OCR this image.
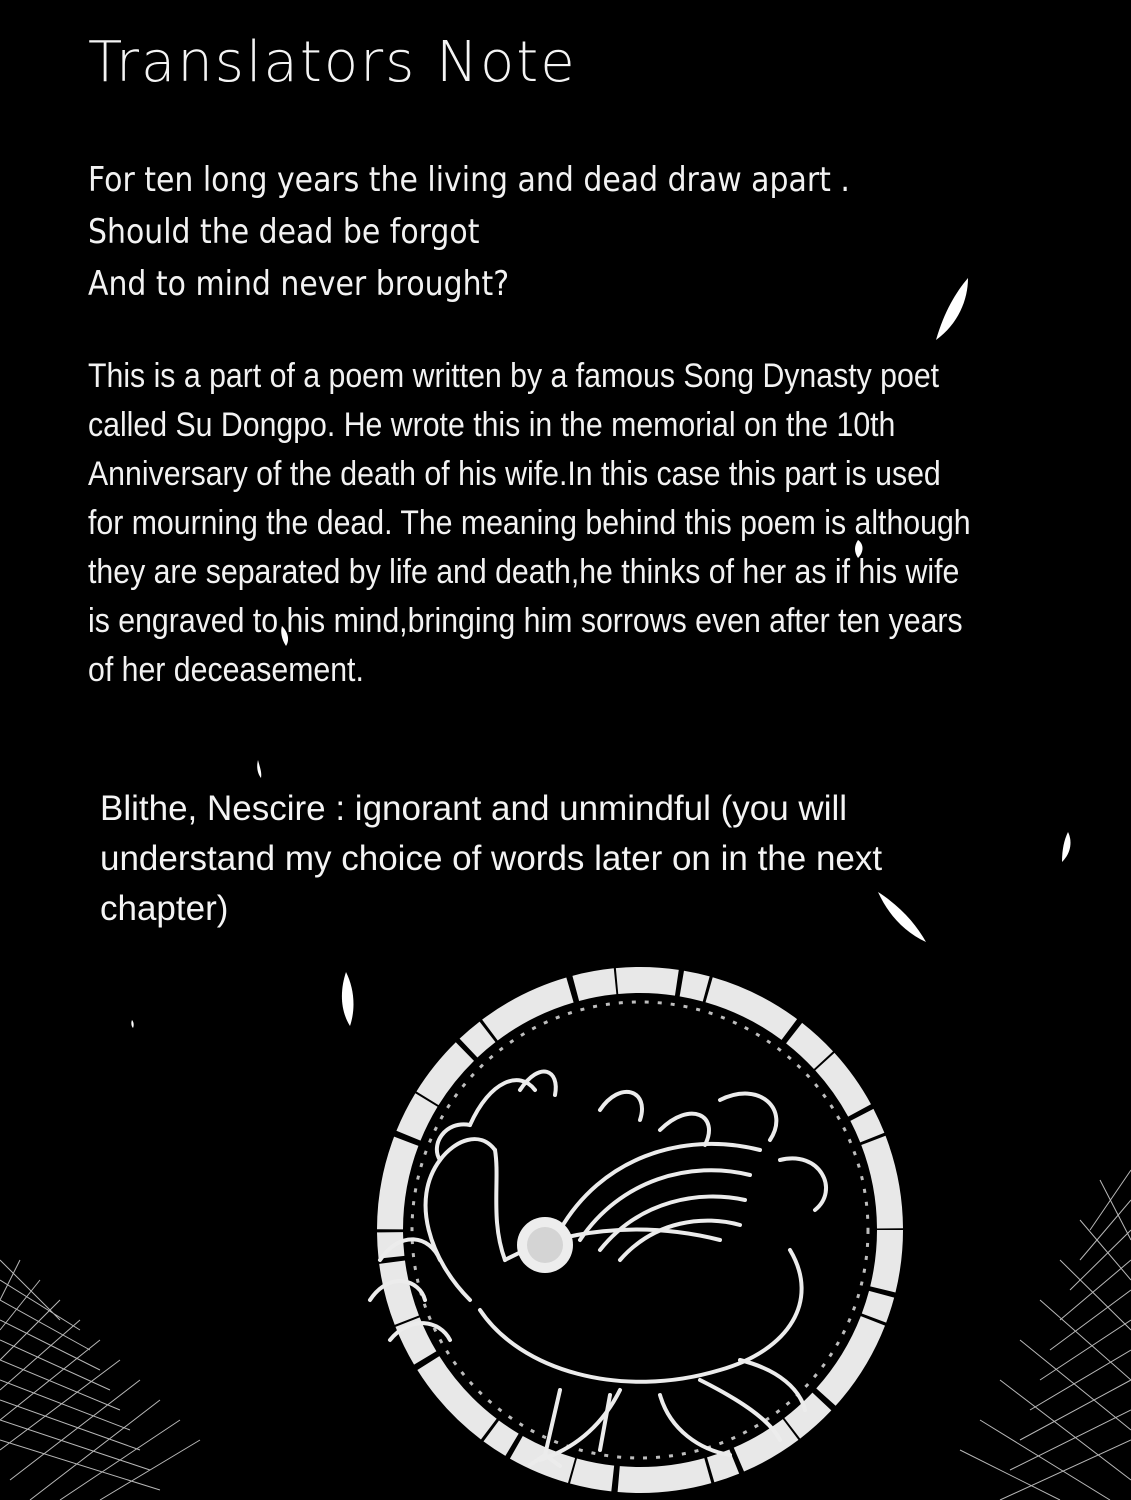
Translators Note
For ten long years the living and dead draw apart .
Should the dead be forgot
And to mind never brought?
This is a part of a poem written by a famous Song Dynasty poet
called Su Dongpo. He wrote this in the memorial on the 10th
Anniversary of the death of his wife.In this case this part is used
for mourning the dead. The meaning behind this poem is although
they are separated by life and death,he thinks of her as if his wife
is engraved to his mind,bringing him sorrows even after ten years
of her deceasement.
Blithe, Nescire : ignorant and unmindful (you will
understand my choice of words later on in the next
chapter)
